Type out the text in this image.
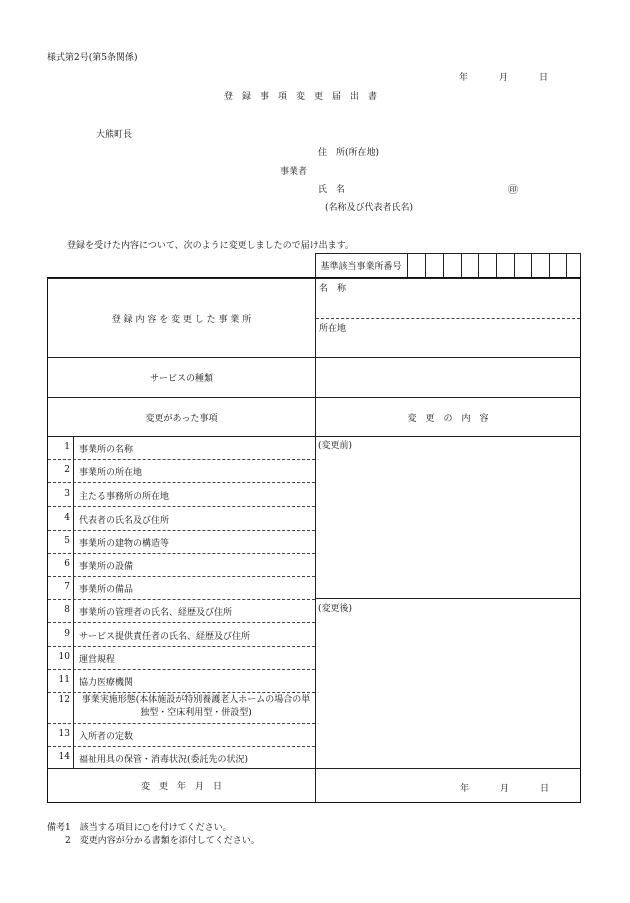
様式第2号(第5条関係)
年	月	日
登　録　事　項　変　更　届　出　書
大熊町長
住　所(所在地)
事業者
氏　名	㊞
(名称及び代表者氏名)
登録を受けた内容について、次のように変更しましたので届け出ます。
基準該当事業所番号
登 録 内 容 を 変 更 し た 事 業 所
名　称
所在地
サービスの種類
変更があった事項	変　更　の　内　容
1 事業所の名称
2 事業所の所在地
3 主たる事務所の所在地
4 代表者の氏名及び住所
5 事業所の建物の構造等
6 事業所の設備
7 事業所の備品
8 事業所の管理者の氏名、経歴及び住所
9 サービス提供責任者の氏名、経歴及び住所
10 運営規程
11 協力医療機関
12	事業実施形態(本体施設が特別養護老人ホームの場合の単独型・空床利用型・併設型)
13 入所者の定数
14 福祉用具の保管・消毒状況(委託先の状況)
(変更前)
(変更後)
変　更　年　月　日	年	月	日
備考1　該当する項目に○を付けてください。
　　2　変更内容が分かる書類を添付してください。
